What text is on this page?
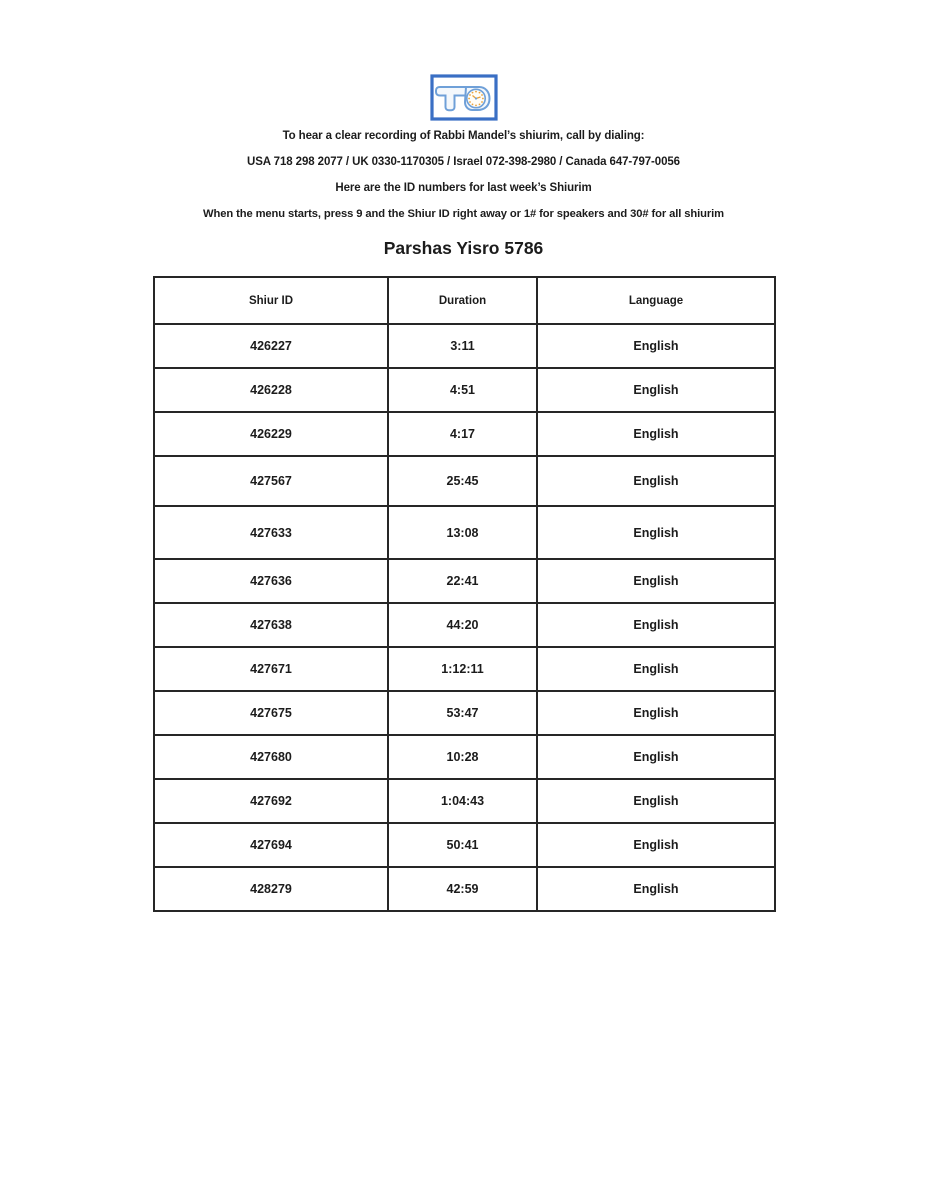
To hear a clear recording of Rabbi Mandel’s shiurim, call by dialing:
USA 718 298 2077 / UK 0330-1170305 / Israel 072-398-2980 / Canada 647-797-0056
Here are the ID numbers for last week’s Shiurim
When the menu starts, press 9 and the Shiur ID right away or 1# for speakers and 30# for all shiurim
Parshas Yisro 5786
Shiur ID	Duration	Language
426227	3:11	English
426228	4:51	English
426229	4:17	English
427567	25:45	English
427633	13:08	English
427636	22:41	English
427638	44:20	English
427671	1:12:11	English
427675	53:47	English
427680	10:28	English
427692	1:04:43	English
427694	50:41	English
428279	42:59	English
